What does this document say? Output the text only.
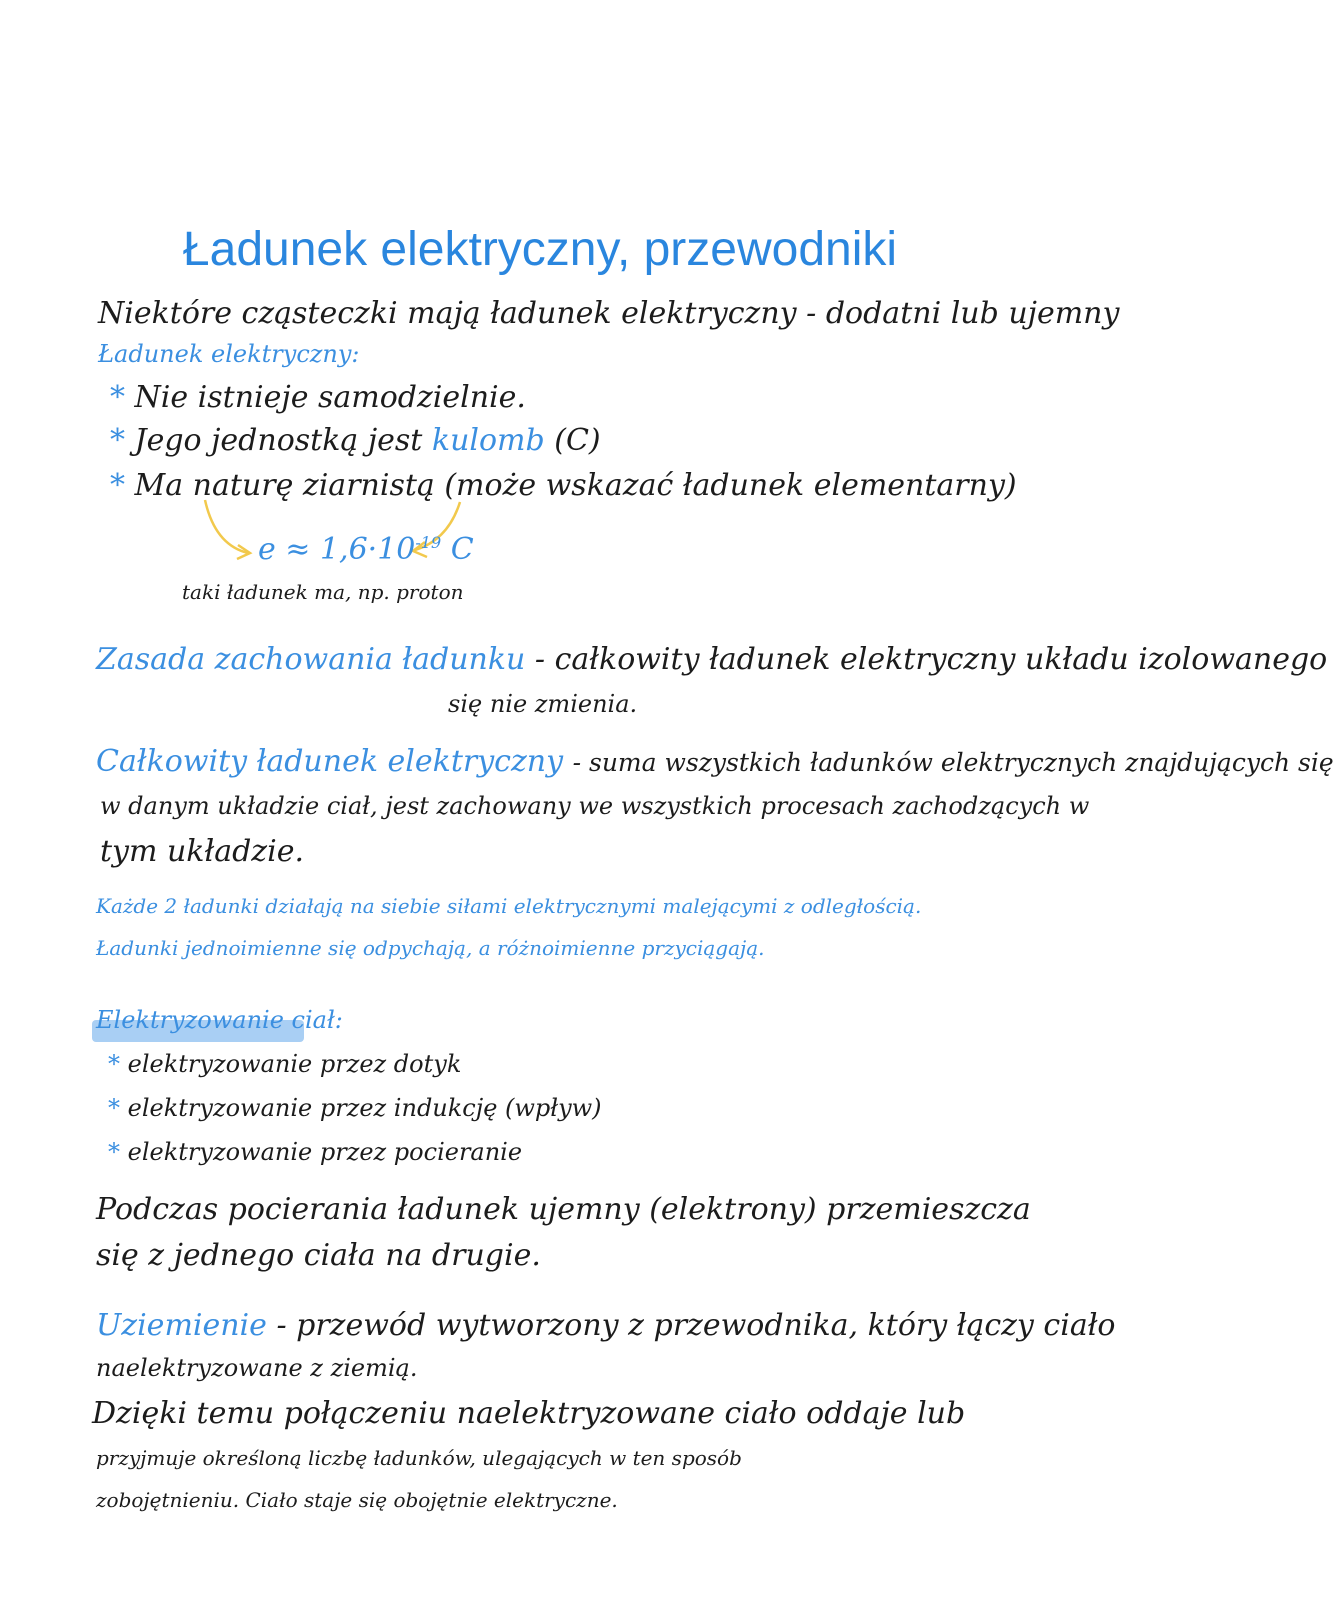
Ładunek elektryczny, przewodniki
Niektóre cząsteczki mają ładunek elektryczny - dodatni lub ujemny
Ładunek elektryczny:
* Nie istnieje samodzielnie.
* Jego jednostką jest kulomb (C)
* Ma naturę ziarnistą (może wskazać ładunek elementarny)
$e \approx 1,6\cdot 10^{-19}$ C
taki ładunek ma, np. proton
Zasada zachowania ładunku - całkowity ładunek elektryczny układu izolowanego
się nie zmienia.
Całkowity ładunek elektryczny - suma wszystkich ładunków elektrycznych znajdujących się
w danym układzie ciał, jest zachowany we wszystkich procesach zachodzących w
tym układzie.
Każde 2 ładunki działają na siebie siłami elektrycznymi malejącymi z odległością.
Ładunki jednoimienne się odpychają, a różnoimienne przyciągają.
Elektryzowanie ciał:
* elektryzowanie przez dotyk
* elektryzowanie przez indukcję (wpływ)
* elektryzowanie przez pocieranie
Podczas pocierania ładunek ujemny (elektrony) przemieszcza
się z jednego ciała na drugie.
Uziemienie - przewód wytworzony z przewodnika, który łączy ciało
naelektryzowane z ziemią.
Dzięki temu połączeniu naelektryzowane ciało oddaje lub
przyjmuje określoną liczbę ładunków, ulegających w ten sposób
zobojętnieniu. Ciało staje się obojętnie elektryczne.
